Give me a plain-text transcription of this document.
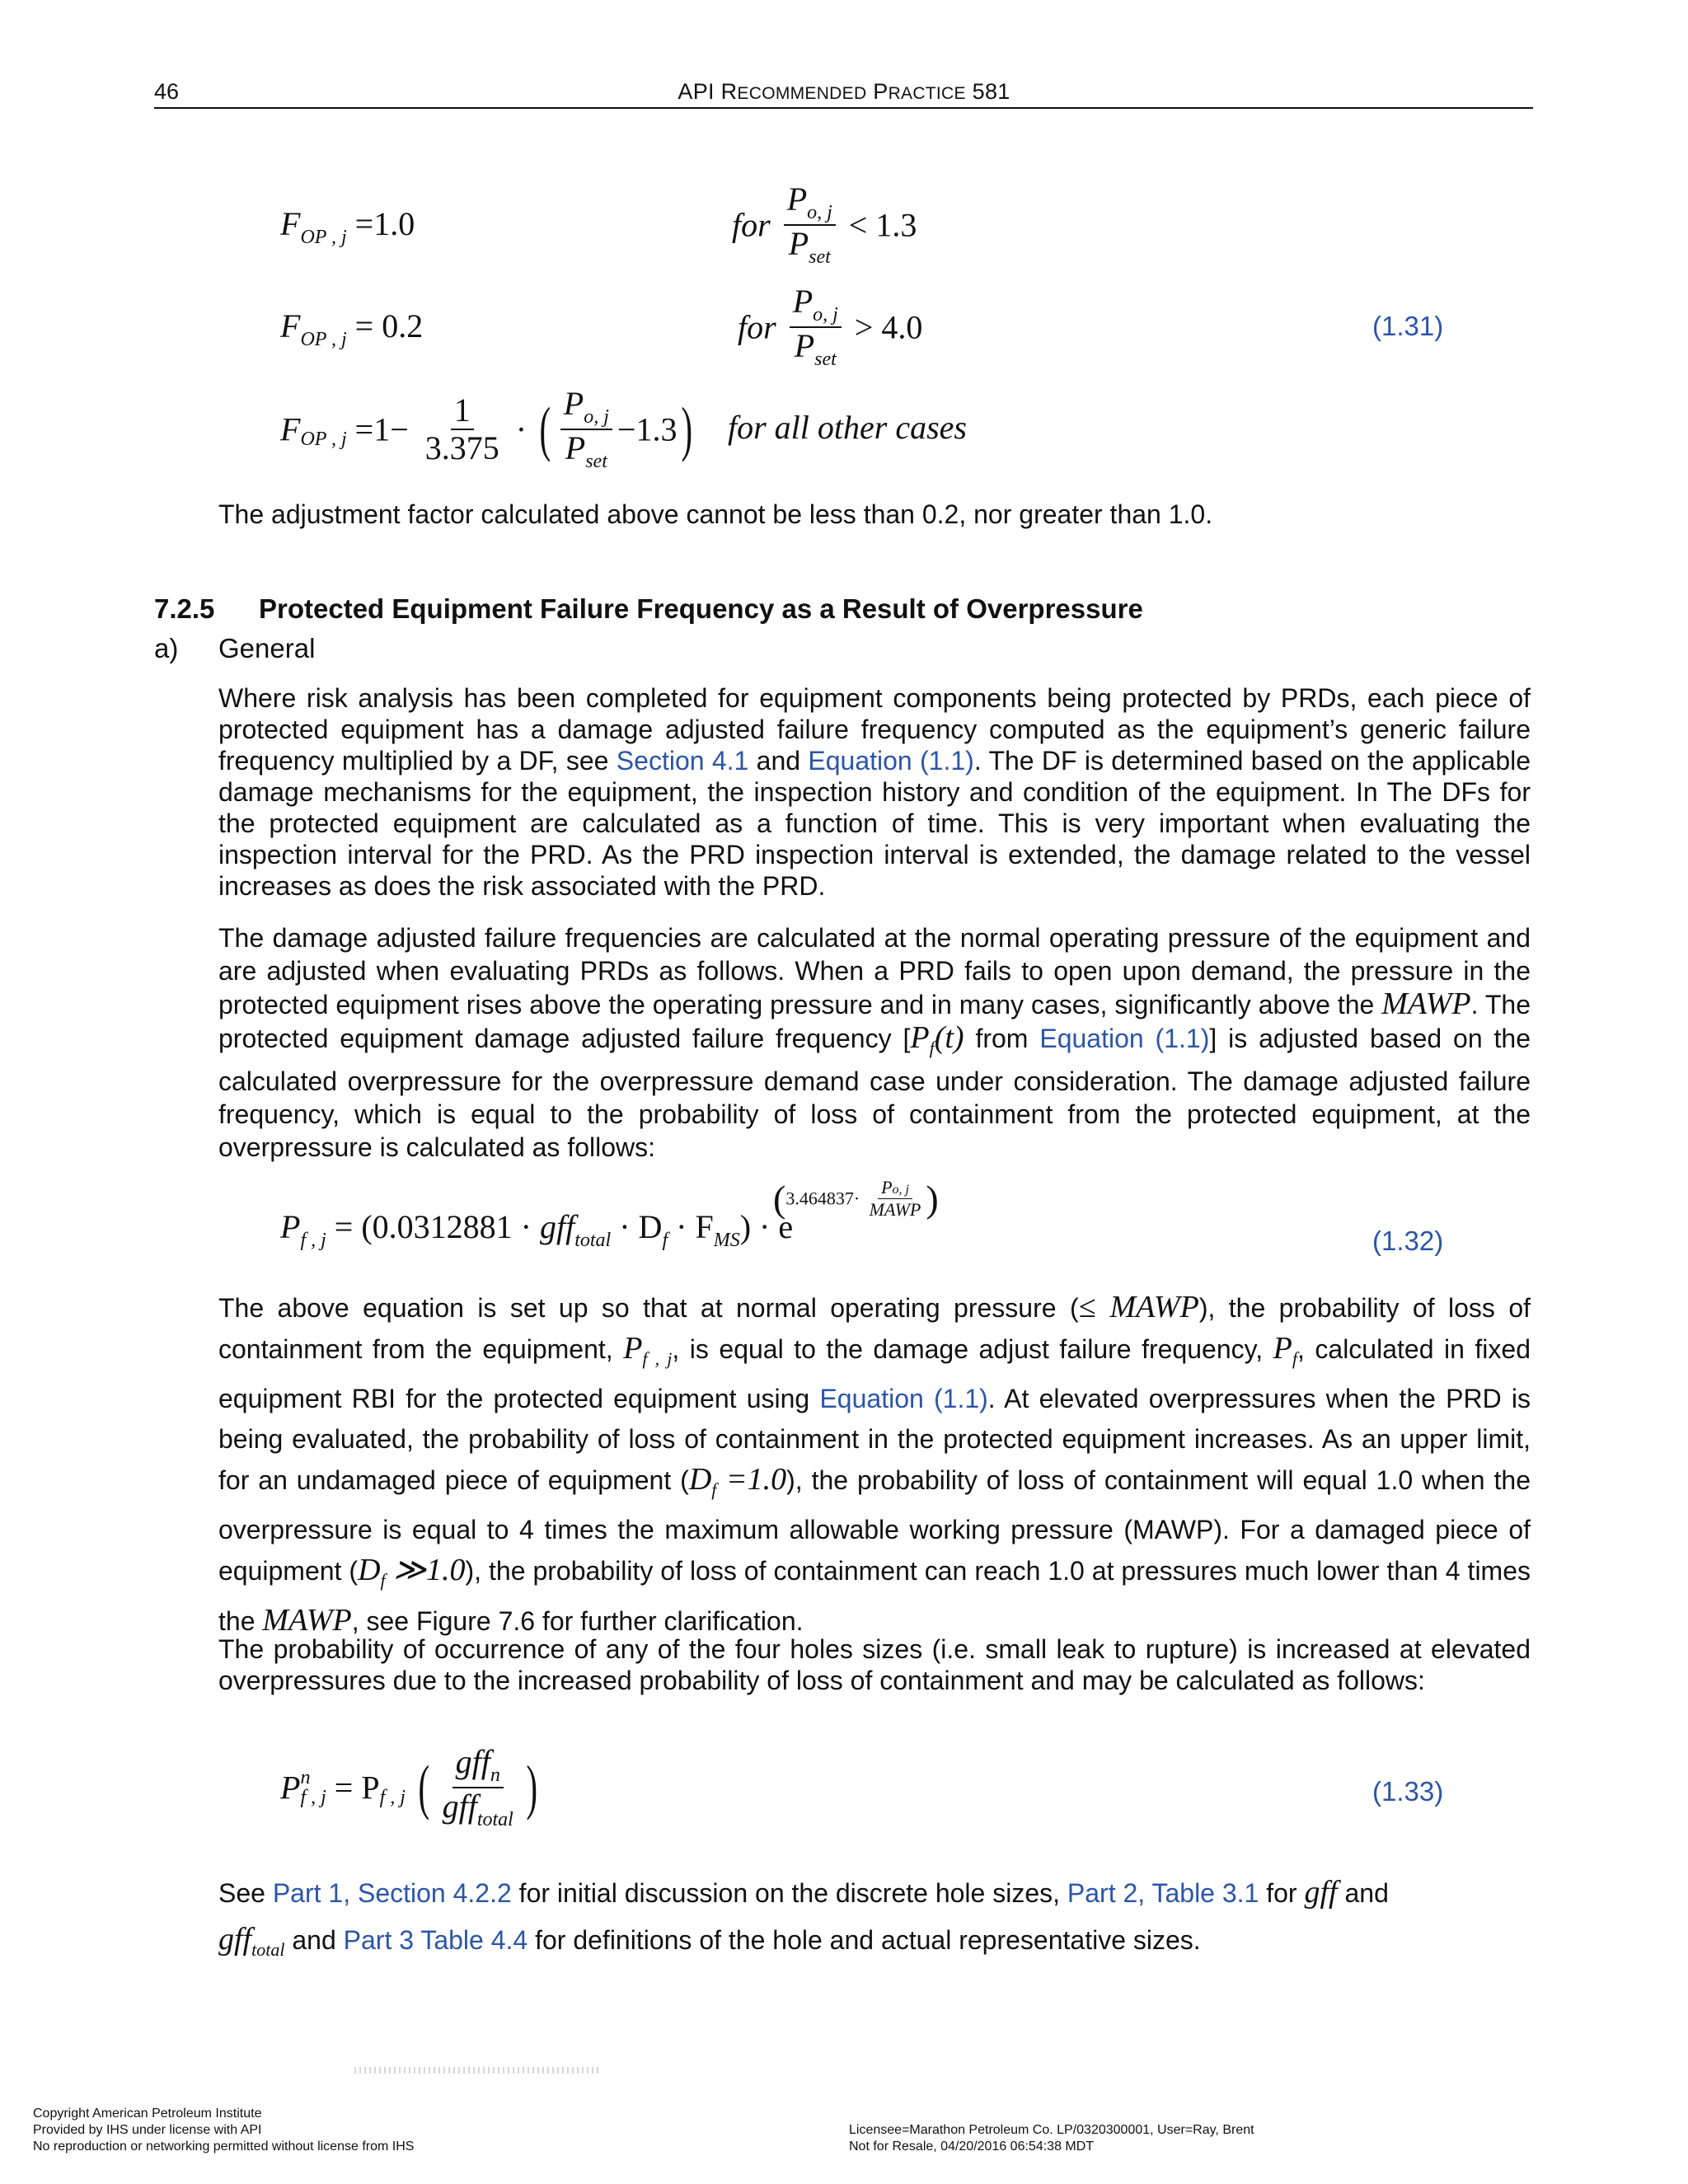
46	API RECOMMENDED PRACTICE 581
$F_{OP , j} =1.0$	for $\frac{P_{o, j}}{P_{set}} < 1.3$
$F_{OP , j} = 0.2$	for $\frac{P_{o, j}}{P_{set}} > 4.0$	(1.31)
$F_{OP , j} =1- \frac{1}{3.375}$ · ( $\frac{P_{o, j}}{P_{set}} -1.3$) for all other cases
The adjustment factor calculated above cannot be less than 0.2, nor greater than 1.0.
7.2.5 Protected Equipment Failure Frequency as a Result of Overpressure
a) General
Where risk analysis has been completed for equipment components being protected by PRDs, each piece of protected equipment has a damage adjusted failure frequency computed as the equipment’s generic failure frequency multiplied by a DF, see Section 4.1 and Equation (1.1). The DF is determined based on the applicable damage mechanisms for the equipment, the inspection history and condition of the equipment. In The DFs for the protected equipment are calculated as a function of time. This is very important when evaluating the inspection interval for the PRD. As the PRD inspection interval is extended, the damage related to the vessel increases as does the risk associated with the PRD.
The damage adjusted failure frequencies are calculated at the normal operating pressure of the equipment and are adjusted when evaluating PRDs as follows. When a PRD fails to open upon demand, the pressure in the protected equipment rises above the operating pressure and in many cases, significantly above the MAWP. The protected equipment damage adjusted failure frequency [$P_f(t)$ from Equation (1.1)] is adjusted based on the calculated overpressure for the overpressure demand case under consideration. The damage adjusted failure frequency, which is equal to the probability of loss of containment from the protected equipment, at the overpressure is calculated as follows:
$P_{f , j} = (0.0312881 \cdot gff_{total} \cdot D_f \cdot F_{MS}) \cdot e$
($3.464837\cdot \frac{Po, j}{\text{MAWP}}$ )
(1.32)
The above equation is set up so that at normal operating pressure (≤ MAWP), the probability of loss of containment from the equipment, $P_{f , j}$, is equal to the damage adjust failure frequency, $P_f$, calculated in fixed equipment RBI for the protected equipment using Equation (1.1). At elevated overpressures when the PRD is being evaluated, the probability of loss of containment in the protected equipment increases. As an upper limit, for an undamaged piece of equipment $(D_f =1.0)$, the probability of loss of containment will equal 1.0 when the overpressure is equal to 4 times the maximum allowable working pressure (MAWP). For a damaged piece of equipment ($D_f$ ≫1.0), the probability of loss of containment can reach 1.0 at pressures much lower than 4 times the MAWP, see Figure 7.6 for further clarification.
The probability of occurrence of any of the four holes sizes (i.e. small leak to rupture) is increased at elevated overpressures due to the increased probability of loss of containment and may be calculated as follows:
P n
f , $j = P_{f , j}$ ( $\frac{gff_n}{gff_{total}}$ )	(1.33)
See Part 1, Section 4.2.2 for initial discussion on the discrete hole sizes, Part 2, Table 3.1 for gff and
gff$_{total}$ and Part 3 Table 4.4 for definitions of the hole and actual representative sizes.
Copyright American Petroleum Institute
Provided by IHS under license with API
No reproduction or networking permitted without license from IHS
Licensee=Marathon Petroleum Co. LP/0320300001, User=Ray, Brent
Not for Resale, 04/20/2016 06:54:38 MDT
